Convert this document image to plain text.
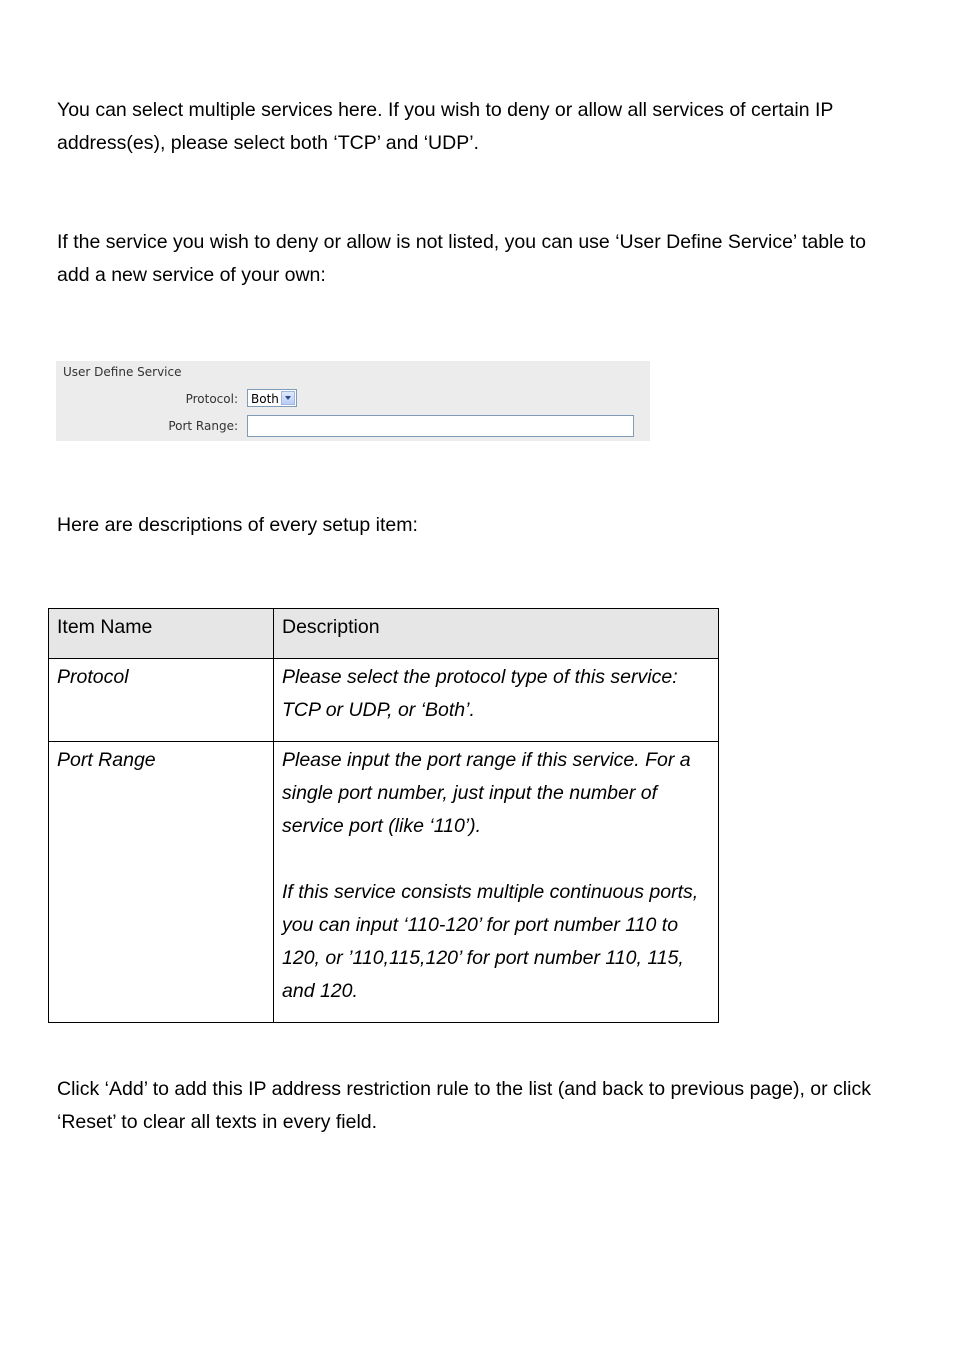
You can select multiple services here. If you wish to deny or allow all services of certain IP address(es), please select both ‘TCP’ and ‘UDP’.

If the service you wish to deny or allow is not listed, you can use ‘User Define Service’ table to add a new service of your own:

User Define Service
Protocol: Both
Port Range:

Here are descriptions of every setup item:

Item Name	Description
Protocol	Please select the protocol type of this service: TCP or UDP, or ‘Both’.
Port Range	Please input the port range if this service. For a single port number, just input the number of service port (like ‘110’).

If this service consists multiple continuous ports, you can input ‘110-120’ for port number 110 to 120, or ’110,115,120’ for port number 110, 115, and 120.

Click ‘Add’ to add this IP address restriction rule to the list (and back to previous page), or click ‘Reset’ to clear all texts in every field.
